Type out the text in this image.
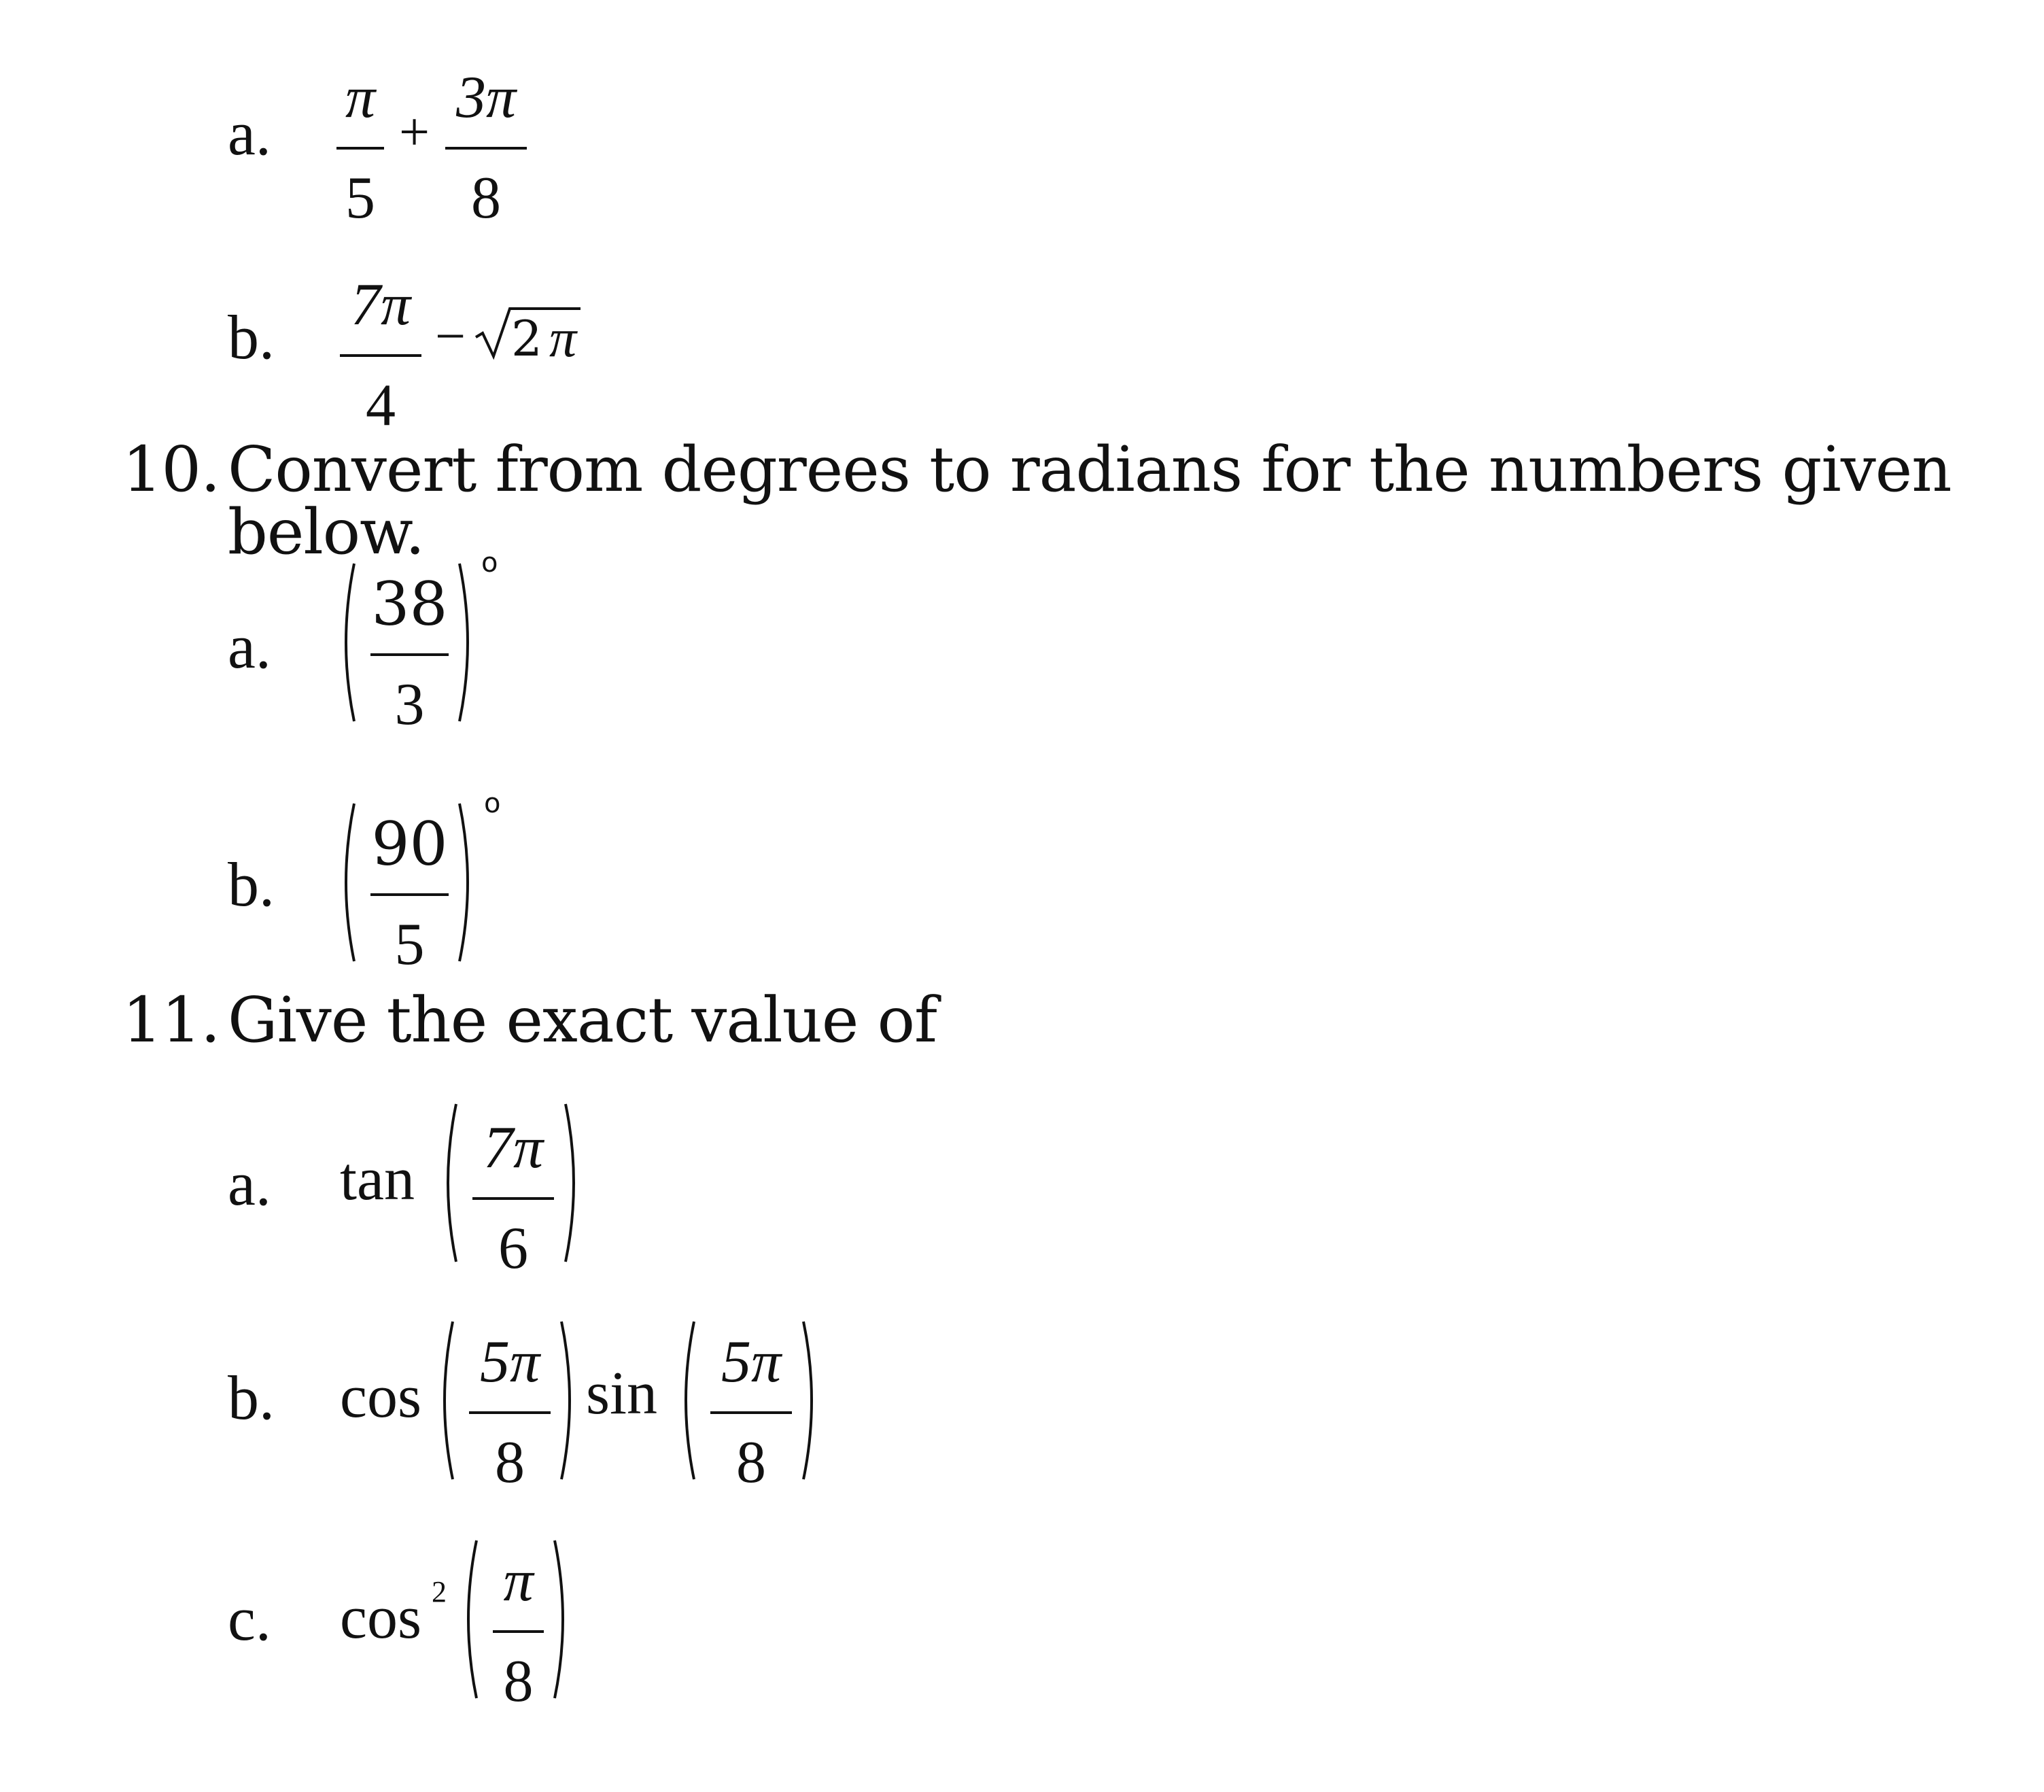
a.
π
5
+
3π
8
b. 7π
4
− 2 π
10. Convert from degrees to radians for the numbers given below.
a.
38
3
o
b.
90
5
o
11. Give the exact value of
a. tan 7π
6
b. cos
5π
8
sin 5π
8
c. cos 2 π
8
